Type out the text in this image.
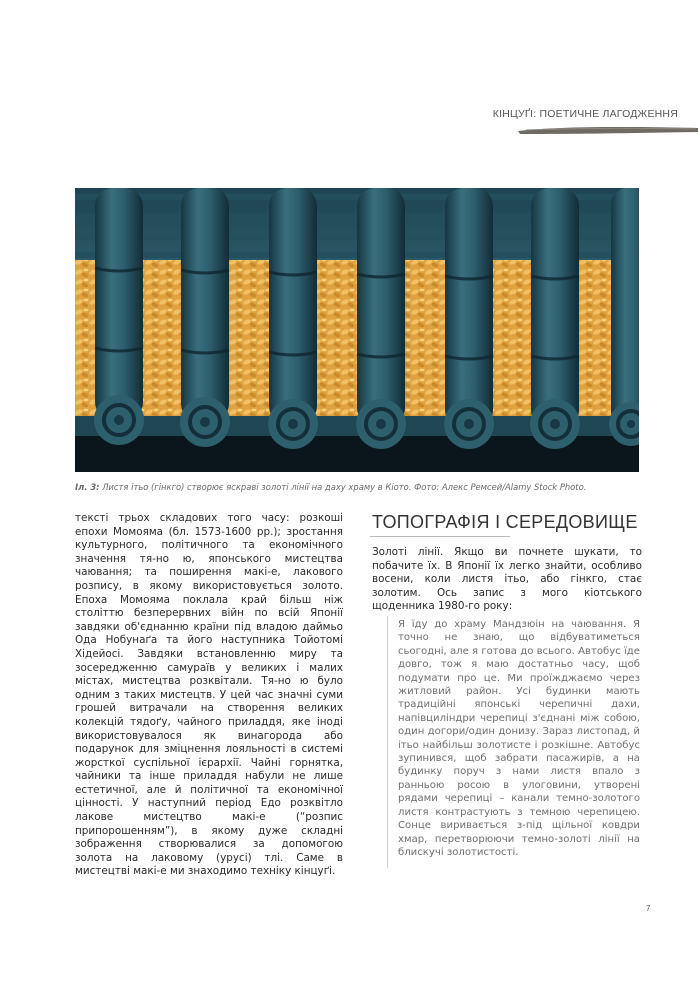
КІНЦУҐІ: ПОЕТИЧНЕ ЛАГОДЖЕННЯ
Іл. 3: Листя ітьо (гінкго) створює яскраві золоті лінії на даху храму в Кіото. Фото: Алекс Ремсей/Alamy Stock Photo.
тексті трьох складових того часу: розкоші епохи Момояма (бл. 1573-1600 рр.); зростання культурного, політичного та економічного значення тя-но ю, японського мистецтва чаювання; та поширення макі-е, лакового розпису, в якому використовується золото. Епоха Момояма поклала край більш ніж століттю безперервних війн по всій Японії завдяки об'єднанню країни під владою даймьо Ода Нобунаґа та його наступника Тойотомі Хідейосі. Завдяки встановленню миру та зосередженню самураїв у великих і малих містах, мистецтва розквітали. Тя-но ю було одним з таких мистецтв. У цей час значні суми грошей витрачали на створення великих колекцій тядоґу, чайного приладдя, яке іноді використовувалося як винагорода або подарунок для зміцнення лояльності в системі жорсткої суспільної ієрархії. Чайні горнятка, чайники та інше приладдя набули не лише естетичної, але й політичної та економічної цінності. У наступний період Едо розквітло лакове мистецтво макі-е (“розпис припорошенням”), в якому дуже складні зображення створювалися за допомогою золота на лаковому (урусі) тлі. Саме в мистецтві макі-е ми знаходимо техніку кінцуґі.
ТОПОГРАФІЯ І СЕРЕДОВИЩЕ
Золоті лінії. Якщо ви почнете шукати, то побачите їх. В Японії їх легко знайти, особливо восени, коли листя ітьо, або гінкго, стає золотим. Ось запис з мого кіотського щоденника 1980-го року:
Я їду до храму Мандзюін на чаювання. Я точно не знаю, що відбуватиметься сьогодні, але я готова до всього. Автобус їде довго, тож я маю достатньо часу, щоб подумати про це. Ми проїжджаємо через житловий район. Усі будинки мають традиційні японські черепичні дахи, напівциліндри черепиці з'єднані між собою, один догори/один донизу. Зараз листопад, й ітьо найбільш золотисте і розкішне. Автобус зупинився, щоб забрати пасажирів, а на будинку поруч з нами листя впало з ранньою росою в улоговини, утворені рядами черепиці – канали темно-золотого листя контрастують з темною черепицею. Сонце виривається з-під щільної ковдри хмар, перетворюючи темно-золоті лінії на блискучі золотистості.
7
